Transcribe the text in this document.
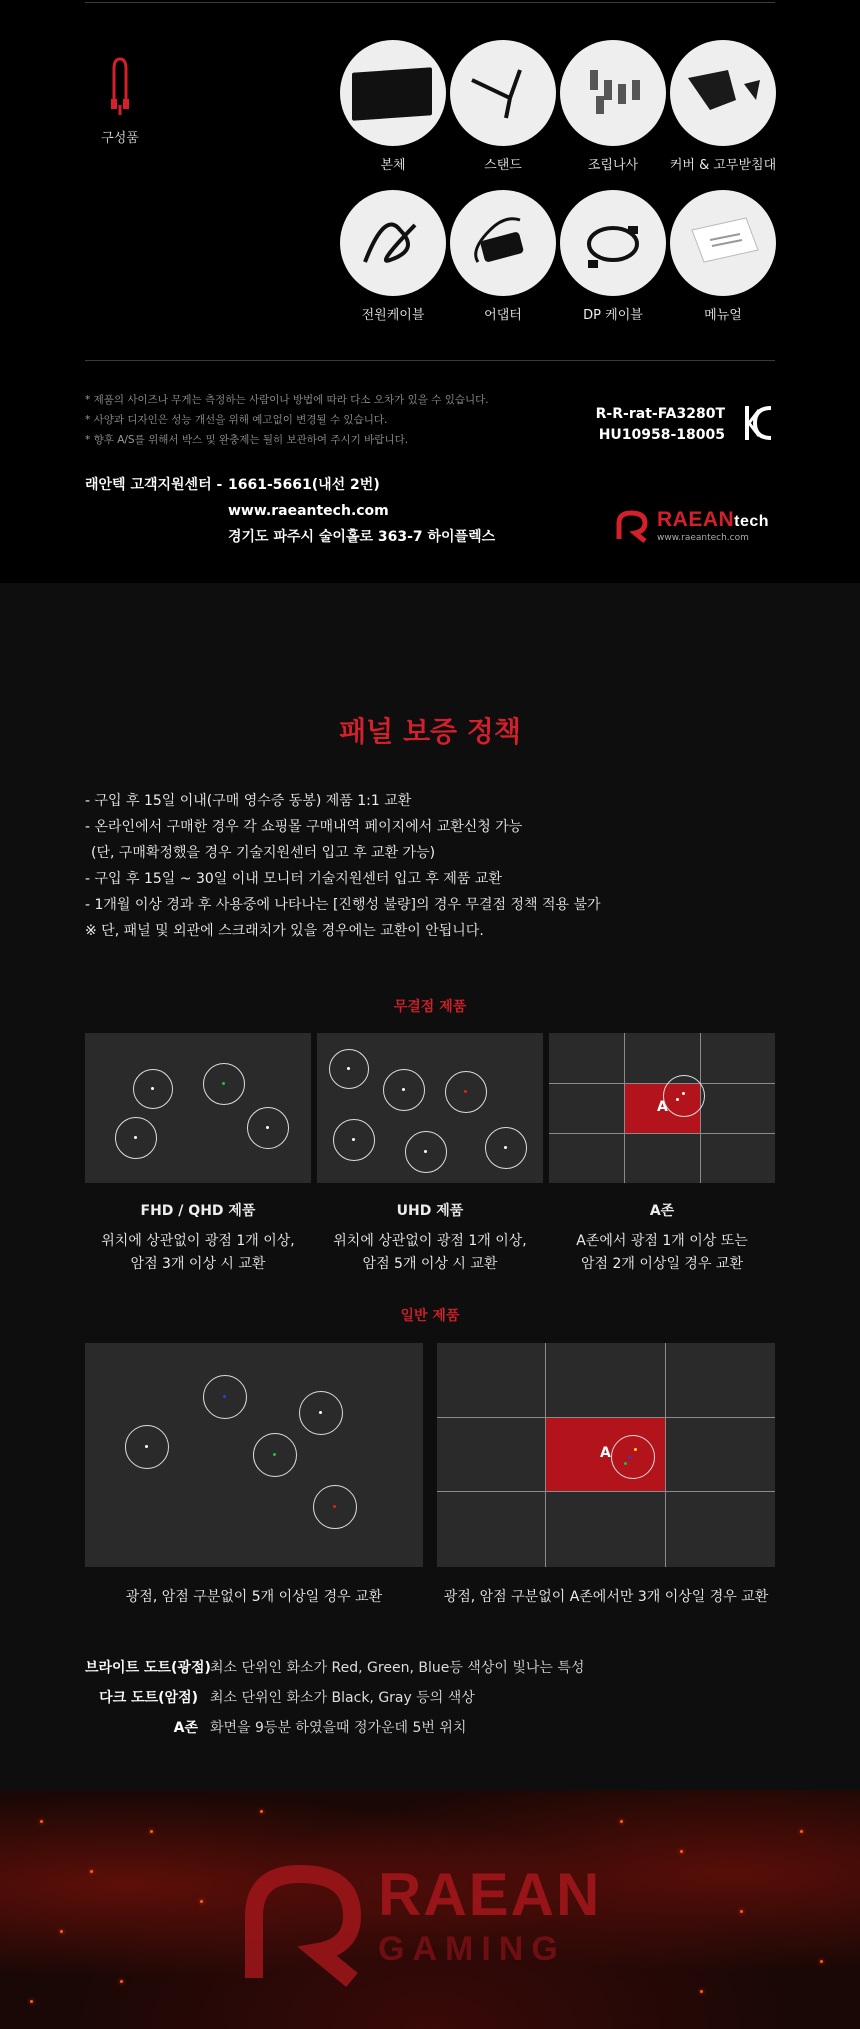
구성품
본체	스탠드	조립나사	커버 & 고무받침대
전원케이블	어댑터	DP 케이블	메뉴얼
* 제품의 사이즈나 무게는 측정하는 사람이나 방법에 따라 다소 오차가 있을 수 있습니다.
* 사양과 디자인은 성능 개선을 위해 예고없이 변경될 수 있습니다.
* 향후 A/S를 위해서 박스 및 완충제는 될히 보관하여 주시기 바랍니다.
R-R-rat-FA3280T
HU10958-18005
래안텍 고객지원센터 - 1661-5661(내선 2번)
www.raeantech.com
경기도 파주시 술이홀로 363-7 하이플렉스
RAEANtech
www.raeantech.com
패널 보증 정책
- 구입 후 15일 이내(구매 영수증 동봉) 제품 1:1 교환
- 온라인에서 구매한 경우 각 쇼핑몰 구매내역 페이지에서 교환신청 가능
(단, 구매확정했을 경우 기술지원센터 입고 후 교환 가능)
- 구입 후 15일 ~ 30일 이내 모니터 기술지원센터 입고 후 제품 교환
- 1개월 이상 경과 후 사용중에 나타나는 [진행성 불량]의 경우 무결점 정책 적용 불가
※ 단, 패널 및 외관에 스크래치가 있을 경우에는 교환이 안됩니다.
무결점 제품
A
FHD / QHD 제품
위치에 상관없이 광점 1개 이상,
암점 3개 이상 시 교환
UHD 제품
위치에 상관없이 광점 1개 이상,
암점 5개 이상 시 교환
A존
A존에서 광점 1개 이상 또는
암점 2개 이상일 경우 교환
일반 제품
A
광점, 암점 구분없이 5개 이상일 경우 교환	광점, 암점 구분없이 A존에서만 3개 이상일 경우 교환
브라이트 도트(광점) 최소 단위인 화소가 Red, Green, Blue등 색상이 빛나는 특성
다크 도트(암점) 최소 단위인 화소가 Black, Gray 등의 색상
A존 화면을 9등분 하였을때 정가운데 5번 위치
RAEAN
GAMING
